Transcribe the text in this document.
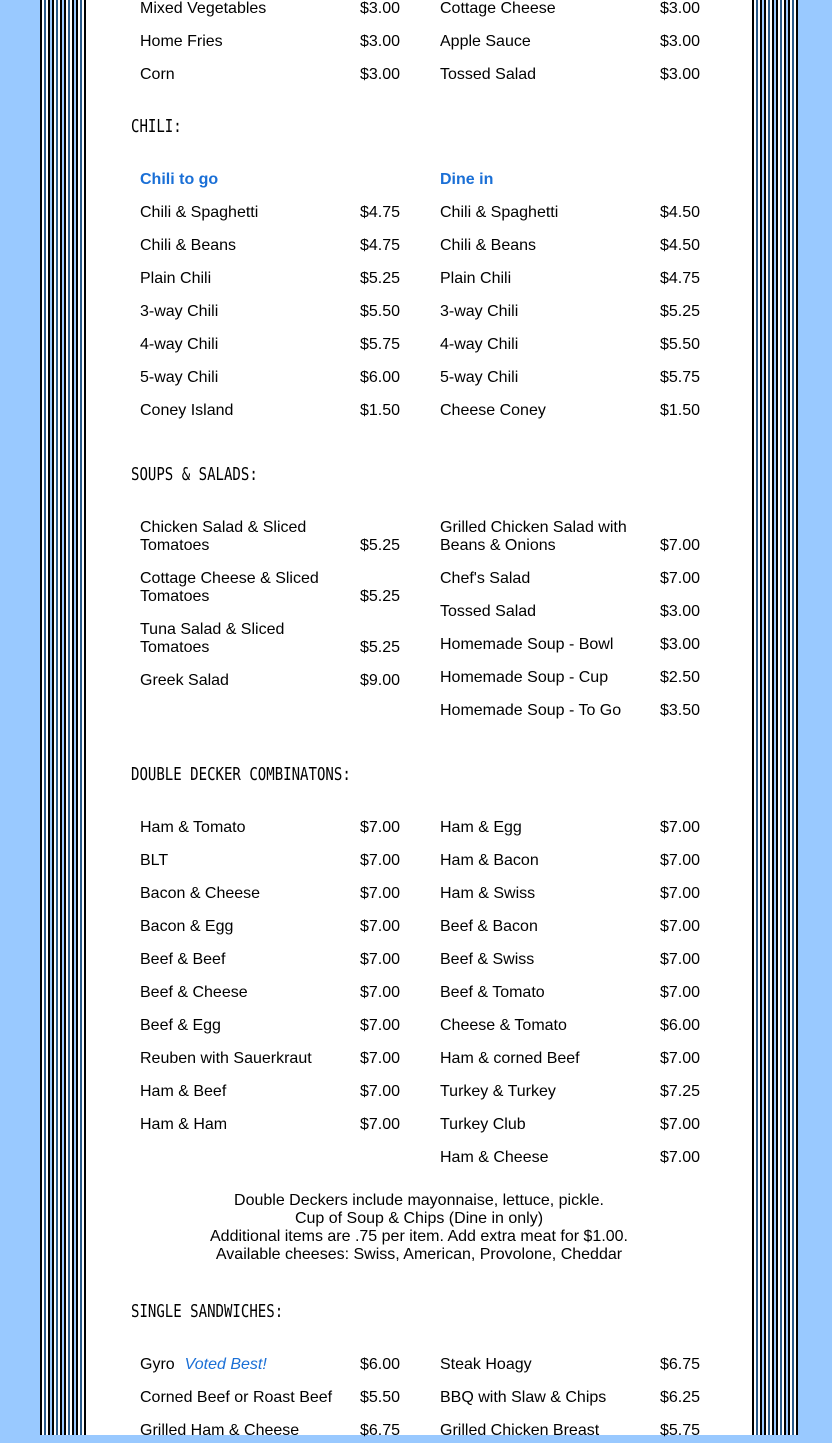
Mixed Vegetables	$3.00
Home Fries	$3.00
Corn	$3.00
Cottage Cheese	$3.00
Apple Sauce	$3.00
Tossed Salad	$3.00
CHILI:
Chili to go
Chili & Spaghetti	$4.75
Chili & Beans	$4.75
Plain Chili	$5.25
3-way Chili	$5.50
4-way Chili	$5.75
5-way Chili	$6.00
Coney Island	$1.50
Dine in
Chili & Spaghetti	$4.50
Chili & Beans	$4.50
Plain Chili	$4.75
3-way Chili	$5.25
4-way Chili	$5.50
5-way Chili	$5.75
Cheese Coney	$1.50
SOUPS & SALADS:
Chicken Salad & Sliced Tomatoes	$5.25
Cottage Cheese & Sliced Tomatoes	$5.25
Tuna Salad & Sliced Tomatoes	$5.25
Greek Salad	$9.00
Grilled Chicken Salad with Beans & Onions	$7.00
Chef's Salad	$7.00
Tossed Salad	$3.00
Homemade Soup - Bowl	$3.00
Homemade Soup - Cup	$2.50
Homemade Soup - To Go	$3.50
DOUBLE DECKER COMBINATONS:
Ham & Tomato	$7.00
BLT	$7.00
Bacon & Cheese	$7.00
Bacon & Egg	$7.00
Beef & Beef	$7.00
Beef & Cheese	$7.00
Beef & Egg	$7.00
Reuben with Sauerkraut	$7.00
Ham & Beef	$7.00
Ham & Ham	$7.00
Ham & Egg	$7.00
Ham & Bacon	$7.00
Ham & Swiss	$7.00
Beef & Bacon	$7.00
Beef & Swiss	$7.00
Beef & Tomato	$7.00
Cheese & Tomato	$6.00
Ham & corned Beef	$7.00
Turkey & Turkey	$7.25
Turkey Club	$7.00
Ham & Cheese	$7.00
Double Deckers include mayonnaise, lettuce, pickle.
Cup of Soup & Chips (Dine in only)
Additional items are .75 per item. Add extra meat for $1.00.
Available cheeses: Swiss, American, Provolone, Cheddar
SINGLE SANDWICHES:
Gyro Voted Best!	$6.00
Corned Beef or Roast Beef	$5.50
Grilled Ham & Cheese	$6.75
Steak Hoagy	$6.75
BBQ with Slaw & Chips	$6.25
Grilled Chicken Breast	$5.75
